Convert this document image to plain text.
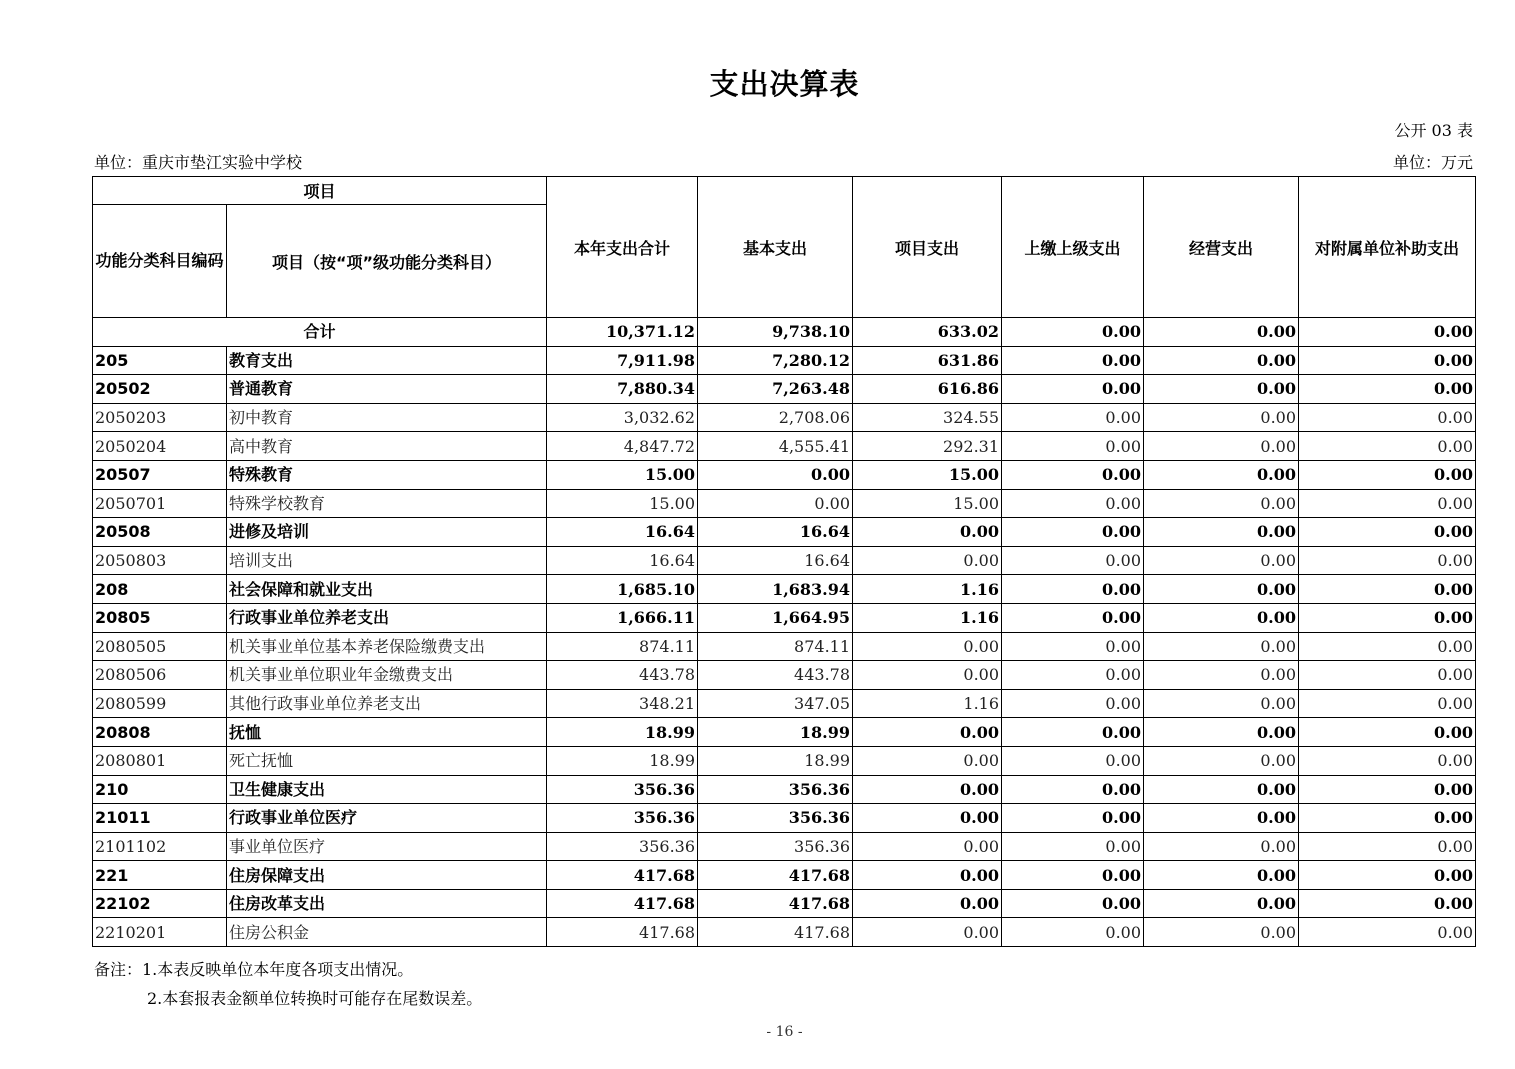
支出决算表
公开 03 表
单位：重庆市垫江实验中学校	单位：万元
项目		本年支出合计	基本支出	项目支出	上缴上级支出	经营支出	对附属单位补助支出
功能分类科目编码	项目（按“项”级功能分类科目）						
合计		10,371.12	9,738.10	633.02	0.00	0.00	0.00
205	教育支出	7,911.98	7,280.12	631.86	0.00	0.00	0.00
20502	普通教育	7,880.34	7,263.48	616.86	0.00	0.00	0.00
2050203	初中教育	3,032.62	2,708.06	324.55	0.00	0.00	0.00
2050204	高中教育	4,847.72	4,555.41	292.31	0.00	0.00	0.00
20507	特殊教育	15.00	0.00	15.00	0.00	0.00	0.00
2050701	特殊学校教育	15.00	0.00	15.00	0.00	0.00	0.00
20508	进修及培训	16.64	16.64	0.00	0.00	0.00	0.00
2050803	培训支出	16.64	16.64	0.00	0.00	0.00	0.00
208	社会保障和就业支出	1,685.10	1,683.94	1.16	0.00	0.00	0.00
20805	行政事业单位养老支出	1,666.11	1,664.95	1.16	0.00	0.00	0.00
2080505	机关事业单位基本养老保险缴费支出	874.11	874.11	0.00	0.00	0.00	0.00
2080506	机关事业单位职业年金缴费支出	443.78	443.78	0.00	0.00	0.00	0.00
2080599	其他行政事业单位养老支出	348.21	347.05	1.16	0.00	0.00	0.00
20808	抚恤	18.99	18.99	0.00	0.00	0.00	0.00
2080801	死亡抚恤	18.99	18.99	0.00	0.00	0.00	0.00
210	卫生健康支出	356.36	356.36	0.00	0.00	0.00	0.00
21011	行政事业单位医疗	356.36	356.36	0.00	0.00	0.00	0.00
2101102	事业单位医疗	356.36	356.36	0.00	0.00	0.00	0.00
221	住房保障支出	417.68	417.68	0.00	0.00	0.00	0.00
22102	住房改革支出	417.68	417.68	0.00	0.00	0.00	0.00
2210201	住房公积金	417.68	417.68	0.00	0.00	0.00	0.00
备注：1.本表反映单位本年度各项支出情况。
2.本套报表金额单位转换时可能存在尾数误差。
- 16 -
